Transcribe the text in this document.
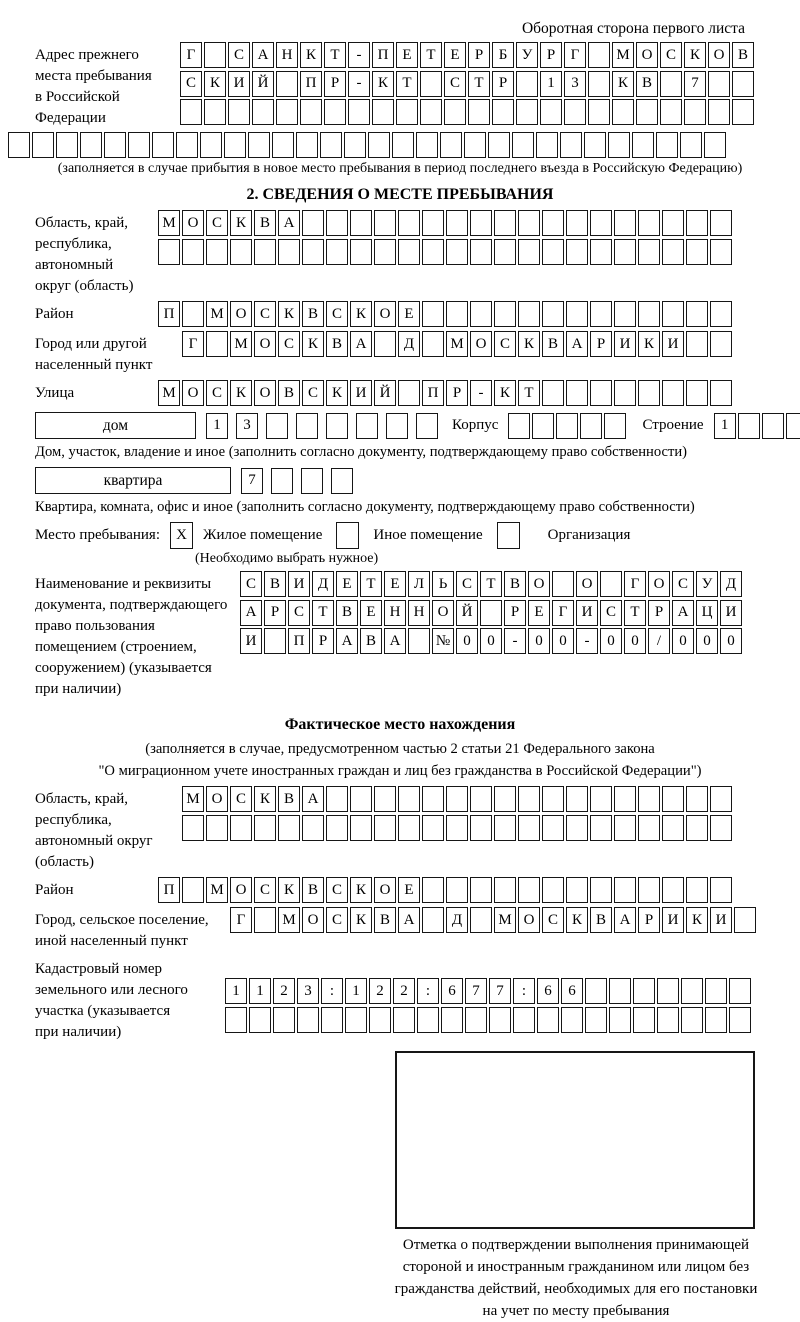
Оборотная сторона первого листа
Адрес прежнего
места пребывания
в Российской
Федерации
Г	С А Н К Т	-	П Е Т Е	Р	Б У Р	Г	М О С К О В
С К И Й	П Р	-	К Т	С Т	Р	1	3	К В	7
(заполняется в случае прибытия в новое место пребывания в период последнего въезда в Российскую Федерацию)
2. СВЕДЕНИЯ О МЕСТЕ ПРЕБЫВАНИЯ
Область, край,
республика,
автономный
округ (область)
М О С К В А
Район	П	М О С К В С К О Е
Город или другой
населенный пункт
Г	М О С К В А	Д	М О С К В А Р И К И
Улица	М О С К О В С К И Й	П Р	-	К Т
дом	1	3	Корпус	Строение	1
Дом, участок, владение и иное (заполнить согласно документу, подтверждающему право собственности)
квартира	7
Квартира, комната, офис и иное (заполнить согласно документу, подтверждающему право собственности)
Место пребывания:	X	Жилое помещение	Иное помещение	Организация
(Необходимо выбрать нужное)
Наименование и реквизиты
документа, подтверждающего
право пользования
помещением (строением,
сооружением) (указывается
при наличии)
С В И Д Е Т Е Л Ь С Т В О	О	Г О С У Д
А Р С Т В Е Н Н О Й	Р	Е	Г И С Т	Р А Ц И
И	П Р А В А	№ 0	0	-	0	0	-	0	0	/	0	0	0
Фактическое место нахождения
(заполняется в случае, предусмотренном частью 2 статьи 21 Федерального закона
"О миграционном учете иностранных граждан и лиц без гражданства в Российской Федерации")
Область, край,
республика,
автономный округ
(область)
М О С К В А
Район	П	М О С К В С К О Е
Город, сельское поселение,
иной населенный пункт
Г	М О С К В А	Д	М О С К В А Р И К И
Кадастровый номер
земельного или лесного
участка (указывается
при наличии)
1	1	2	3	:	1	2	2	:	6	7	7	:	6	6
Отметка о подтверждении выполнения принимающей
стороной и иностранным гражданином или лицом без
гражданства действий, необходимых для его постановки
на учет по месту пребывания
